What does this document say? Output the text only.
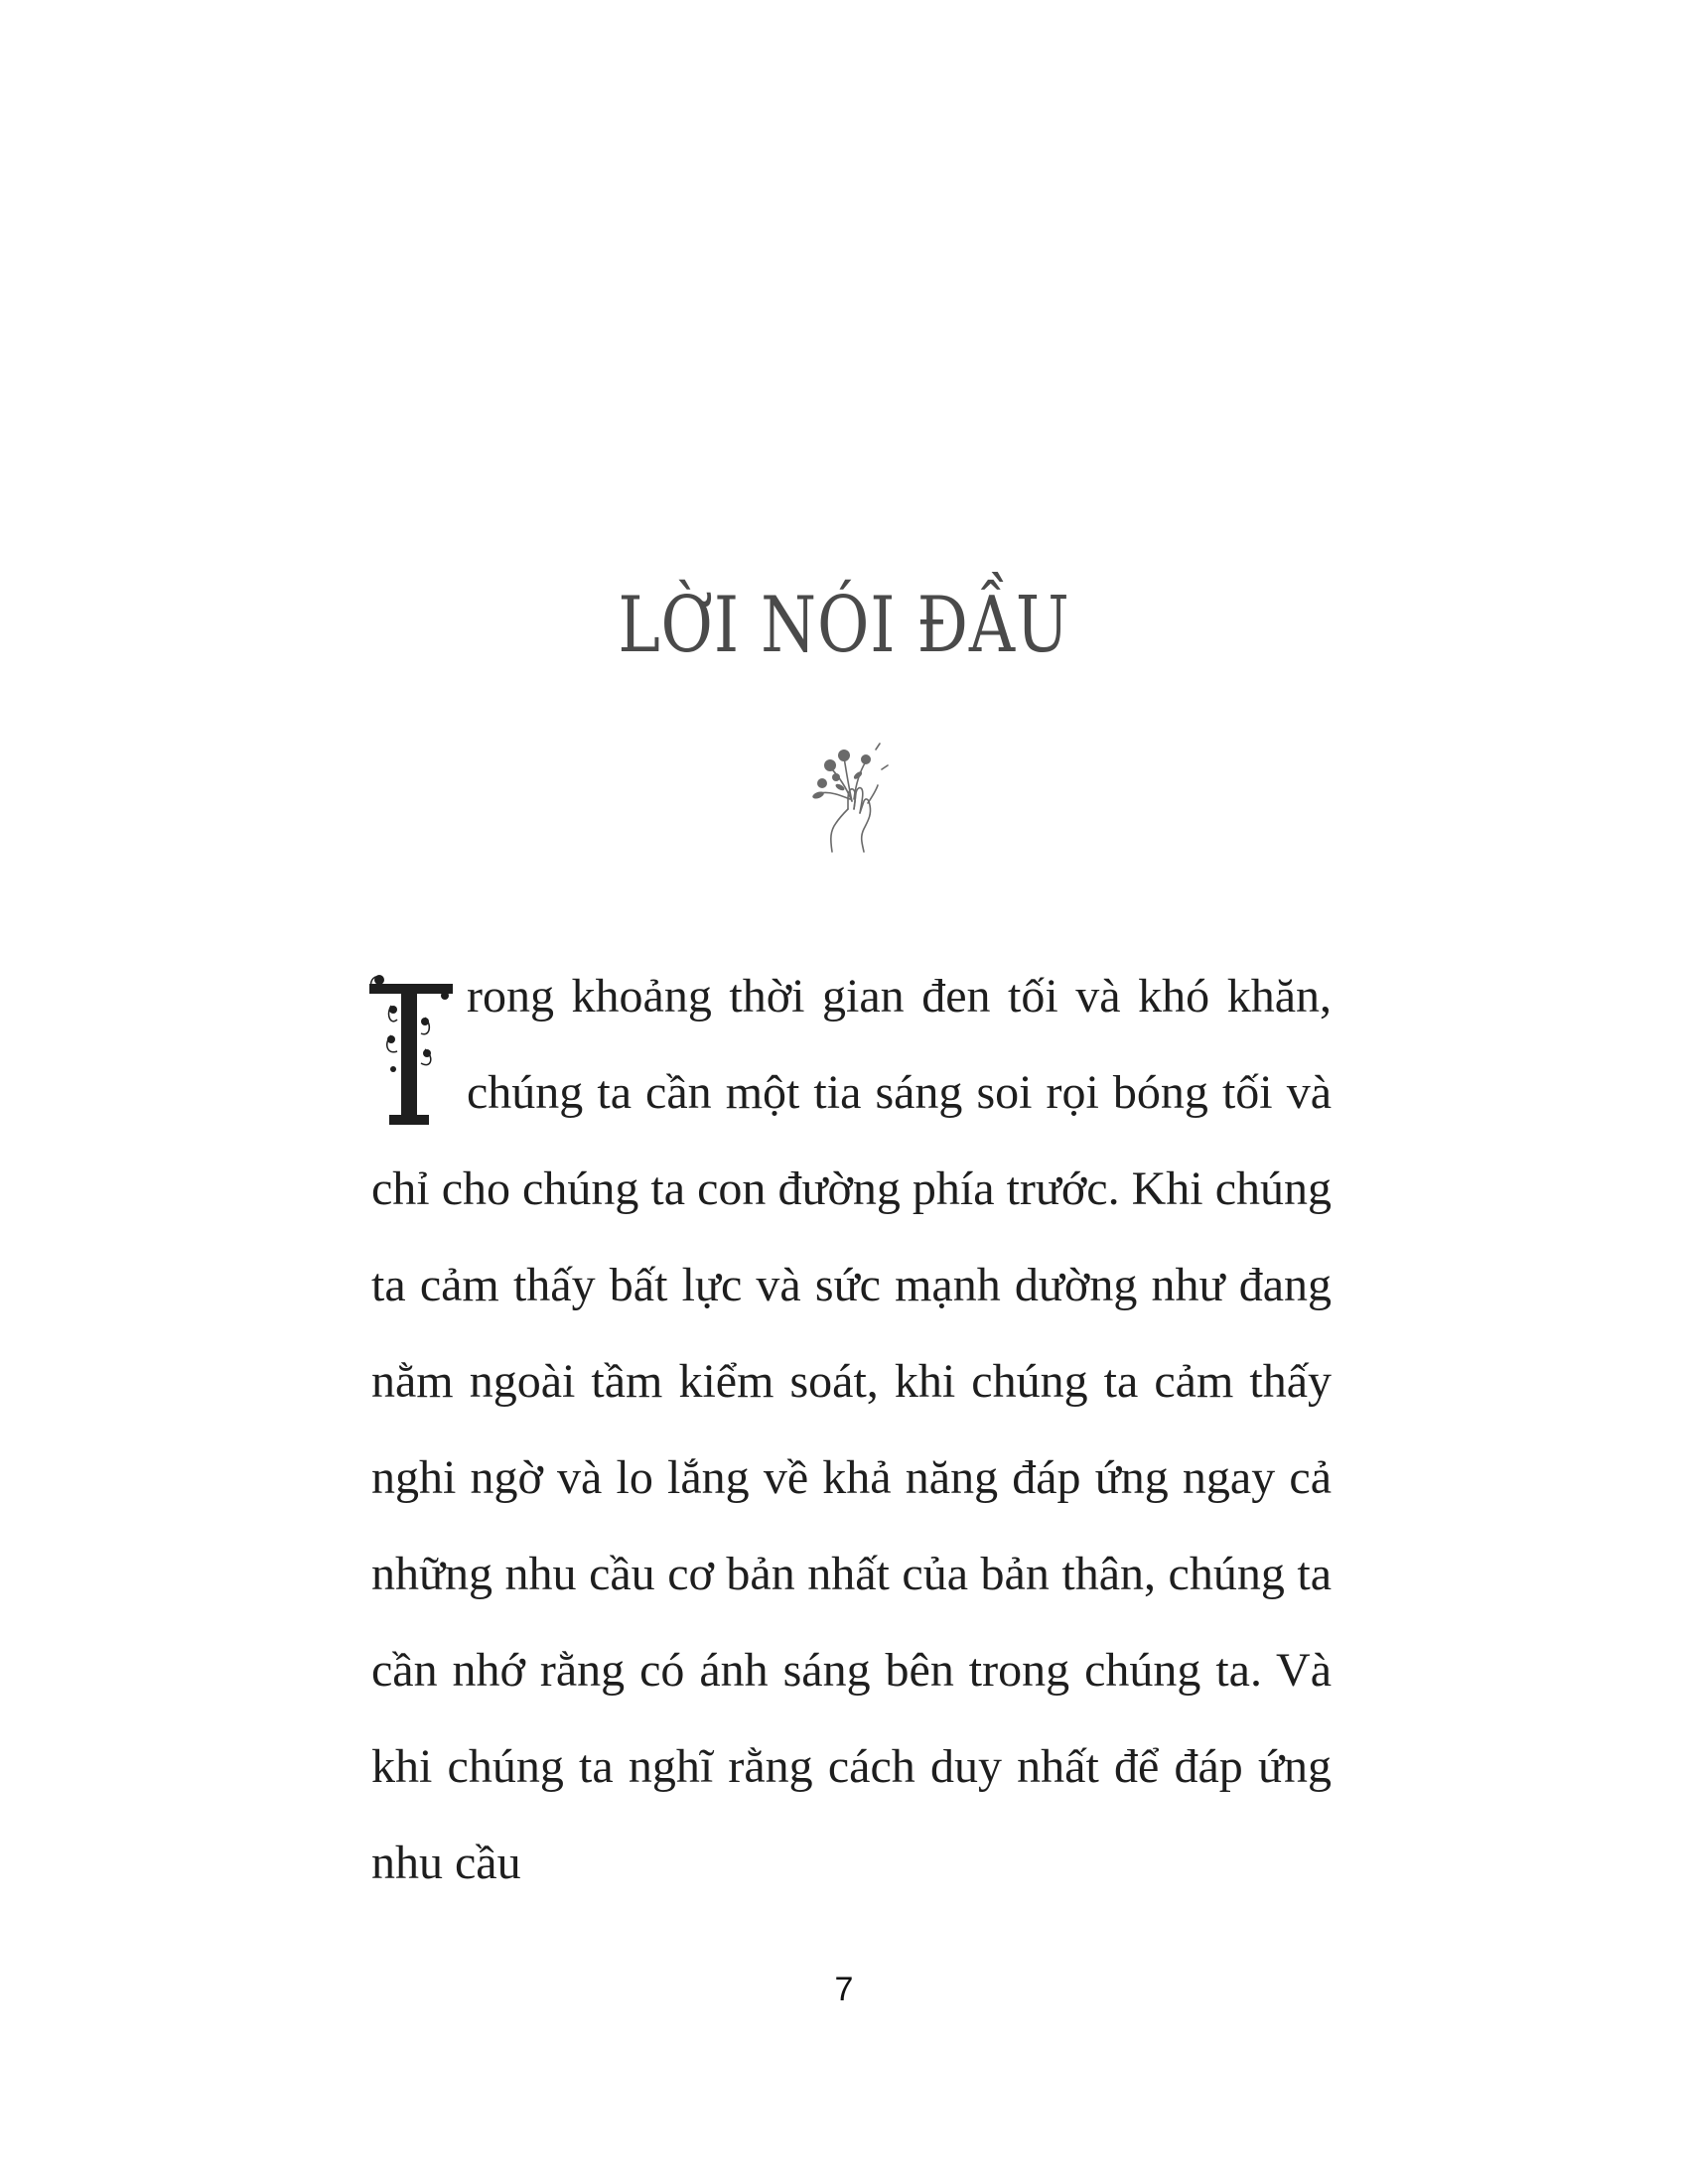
LỜI NÓI ĐẦU

rong khoảng thời gian đen tối và khó khăn, chúng ta cần một tia sáng soi rọi bóng tối và chỉ cho chúng ta con đường phía trước. Khi chúng ta cảm thấy bất lực và sức mạnh dường như đang nằm ngoài tầm kiểm soát, khi chúng ta cảm thấy nghi ngờ và lo lắng về khả năng đáp ứng ngay cả những nhu cầu cơ bản nhất của bản thân, chúng ta cần nhớ rằng có ánh sáng bên trong chúng ta. Và khi chúng ta nghĩ rằng cách duy nhất để đáp ứng nhu cầu

7
